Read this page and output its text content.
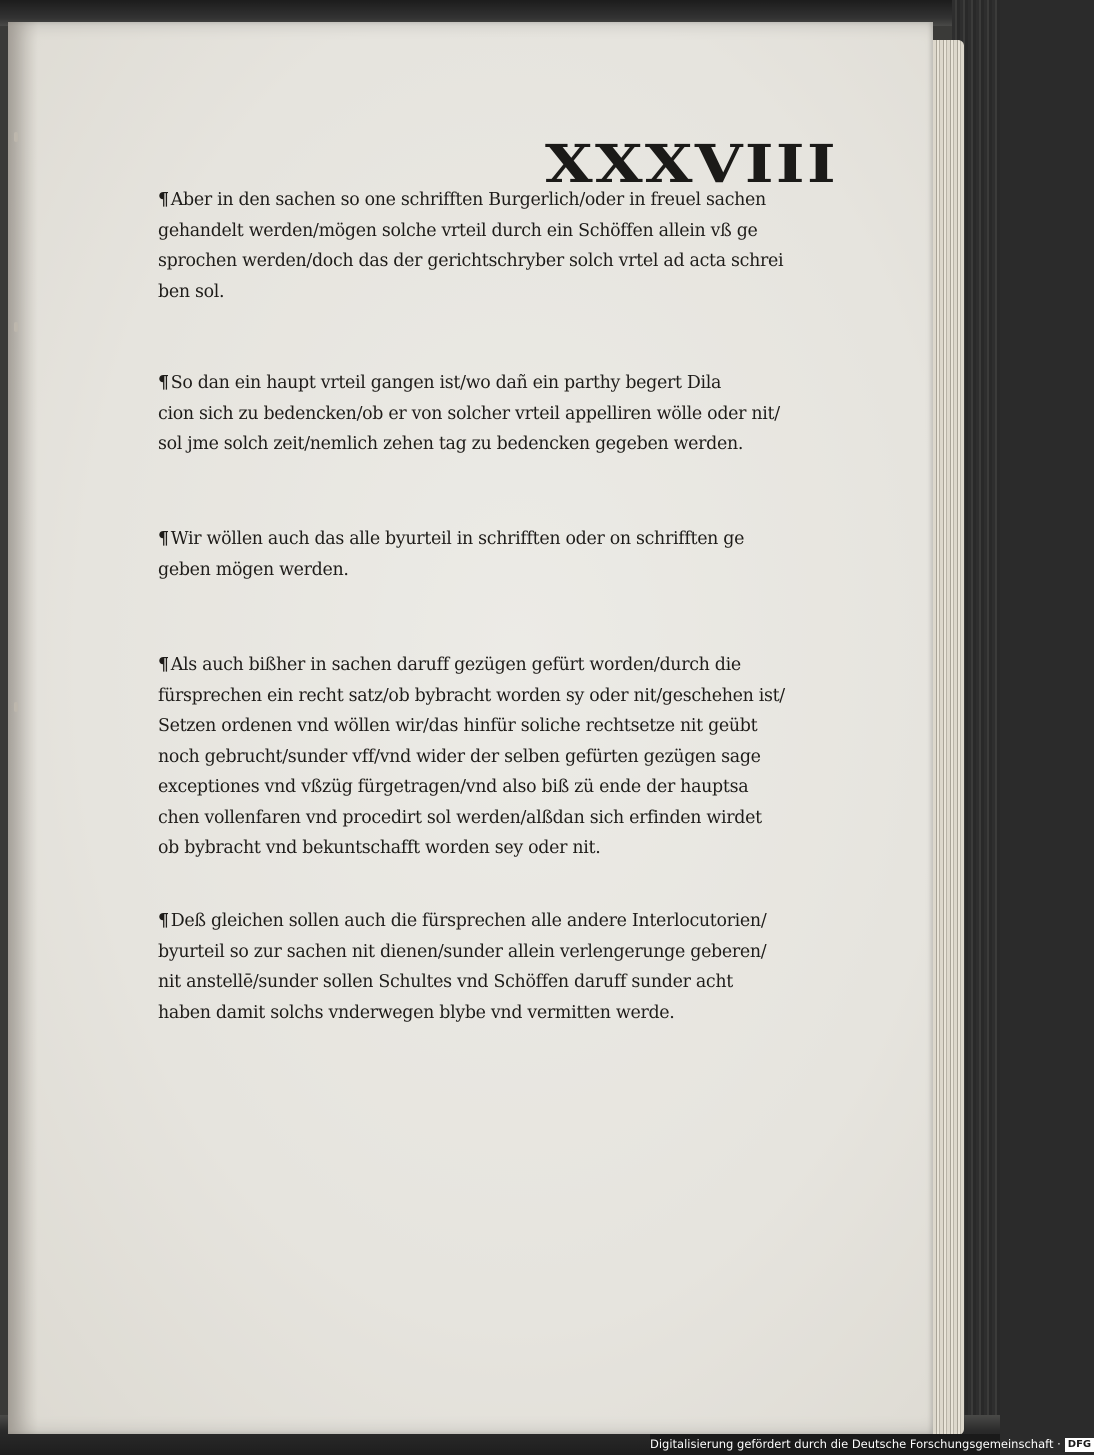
XXXVIII
¶ Aber in den sachen so one schrifften Burgerlich/oder in freuel sachen
gehandelt werden/mögen solche vrteil durch ein Schöffen allein vß ge
sprochen werden/doch das der gerichtschryber solch vrtel ad acta schrei
ben sol.
¶ So dan ein haupt vrteil gangen ist/wo dañ ein parthy begert Dila
cion sich zu bedencken/ob er von solcher vrteil appelliren wölle oder nit/
sol jme solch zeit/nemlich zehen tag zu bedencken gegeben werden.
¶ Wir wöllen auch das alle byurteil in schrifften oder on schrifften ge
geben mögen werden.
¶ Als auch bißher in sachen daruff gezügen gefürt worden/durch die
fürsprechen ein recht satz/ob bybracht worden sy oder nit/geschehen ist/
Setzen ordenen vnd wöllen wir/das hinfür soliche rechtsetze nit geübt
noch gebrucht/sunder vff/vnd wider der selben gefürten gezügen sage
exceptiones vnd vßzüg fürgetragen/vnd also biß zü ende der hauptsa
chen vollenfaren vnd procedirt sol werden/alßdan sich erfinden wirdet
ob bybracht vnd bekuntschafft worden sey oder nit.
¶ Deß gleichen sollen auch die fürsprechen alle andere Interlocutorien/
byurteil so zur sachen nit dienen/sunder allein verlengerunge geberen/
nit anstellē/sunder sollen Schultes vnd Schöffen daruff sunder acht
haben damit solchs vnderwegen blybe vnd vermitten werde.
Digitalisierung gefördert durch die Deutsche Forschungsgemeinschaft · DFG
